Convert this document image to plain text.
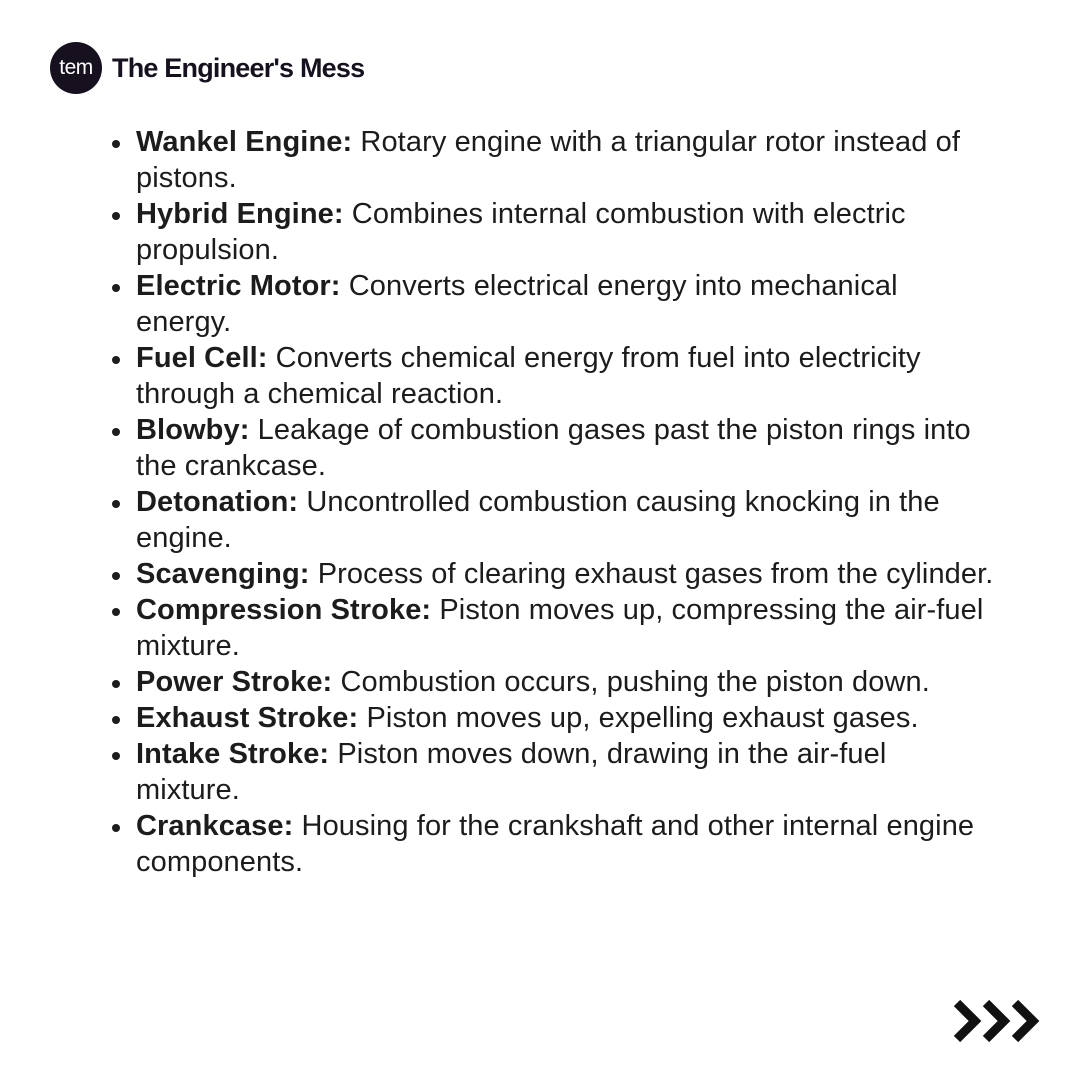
tem The Engineer's Mess
Wankel Engine: Rotary engine with a triangular rotor instead of pistons.
Hybrid Engine: Combines internal combustion with electric propulsion.
Electric Motor: Converts electrical energy into mechanical energy.
Fuel Cell: Converts chemical energy from fuel into electricity through a chemical reaction.
Blowby: Leakage of combustion gases past the piston rings into the crankcase.
Detonation: Uncontrolled combustion causing knocking in the engine.
Scavenging: Process of clearing exhaust gases from the cylinder.
Compression Stroke: Piston moves up, compressing the air-fuel mixture.
Power Stroke: Combustion occurs, pushing the piston down.
Exhaust Stroke: Piston moves up, expelling exhaust gases.
Intake Stroke: Piston moves down, drawing in the air-fuel mixture.
Crankcase: Housing for the crankshaft and other internal engine components.
